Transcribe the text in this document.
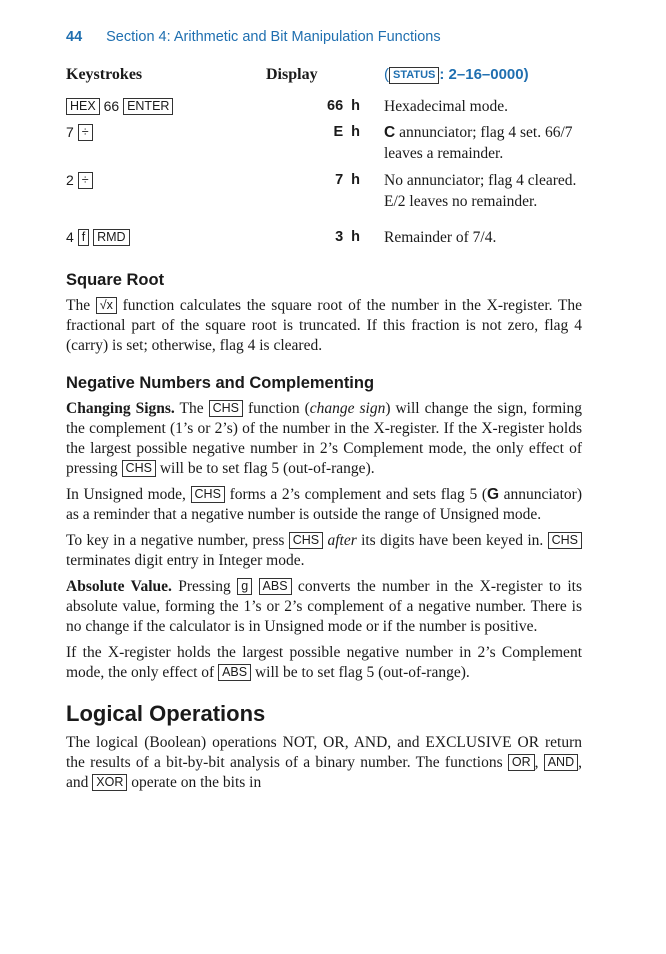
44 Section 4: Arithmetic and Bit Manipulation Functions
Keystrokes	Display	( STATUS : 2–16–0000)
HEX 66 ENTER	66 h Hexadecimal mode.
7 ÷	E h C annunciator; flag 4 set. 66/7 leaves a remainder.
2 ÷	7 h No annunciator; flag 4 cleared. E/2 leaves no remainder.
4 f RMD	3 h Remainder of 7/4.
Square Root

The √x function calculates the square root of the number in the X-register. The fractional part of the square root is truncated. If this fraction is not zero, flag 4 (carry) is set; otherwise, flag 4 is cleared.

Negative Numbers and Complementing

Changing Signs. The CHS function (change sign) will change the sign, forming the complement (1’s or 2’s) of the number in the X-register. If the X-register holds the largest possible negative number in 2’s Complement mode, the only effect of pressing CHS will be to set flag 5 (out-of-range).

In Unsigned mode, CHS forms a 2’s complement and sets flag 5 (G annunciator) as a reminder that a negative number is outside the range of Unsigned mode.

To key in a negative number, press CHS after its digits have been keyed in. CHS terminates digit entry in Integer mode.

Absolute Value. Pressing g ABS converts the number in the X-register to its absolute value, forming the 1’s or 2’s complement of a negative number. There is no change if the calculator is in Unsigned mode or if the number is positive.

If the X-register holds the largest possible negative number in 2’s Complement mode, the only effect of ABS will be to set flag 5 (out-of-range).

Logical Operations

The logical (Boolean) operations NOT, OR, AND, and EXCLUSIVE OR return the results of a bit-by-bit analysis of a binary number. The functions OR , AND , and XOR operate on the bits in
